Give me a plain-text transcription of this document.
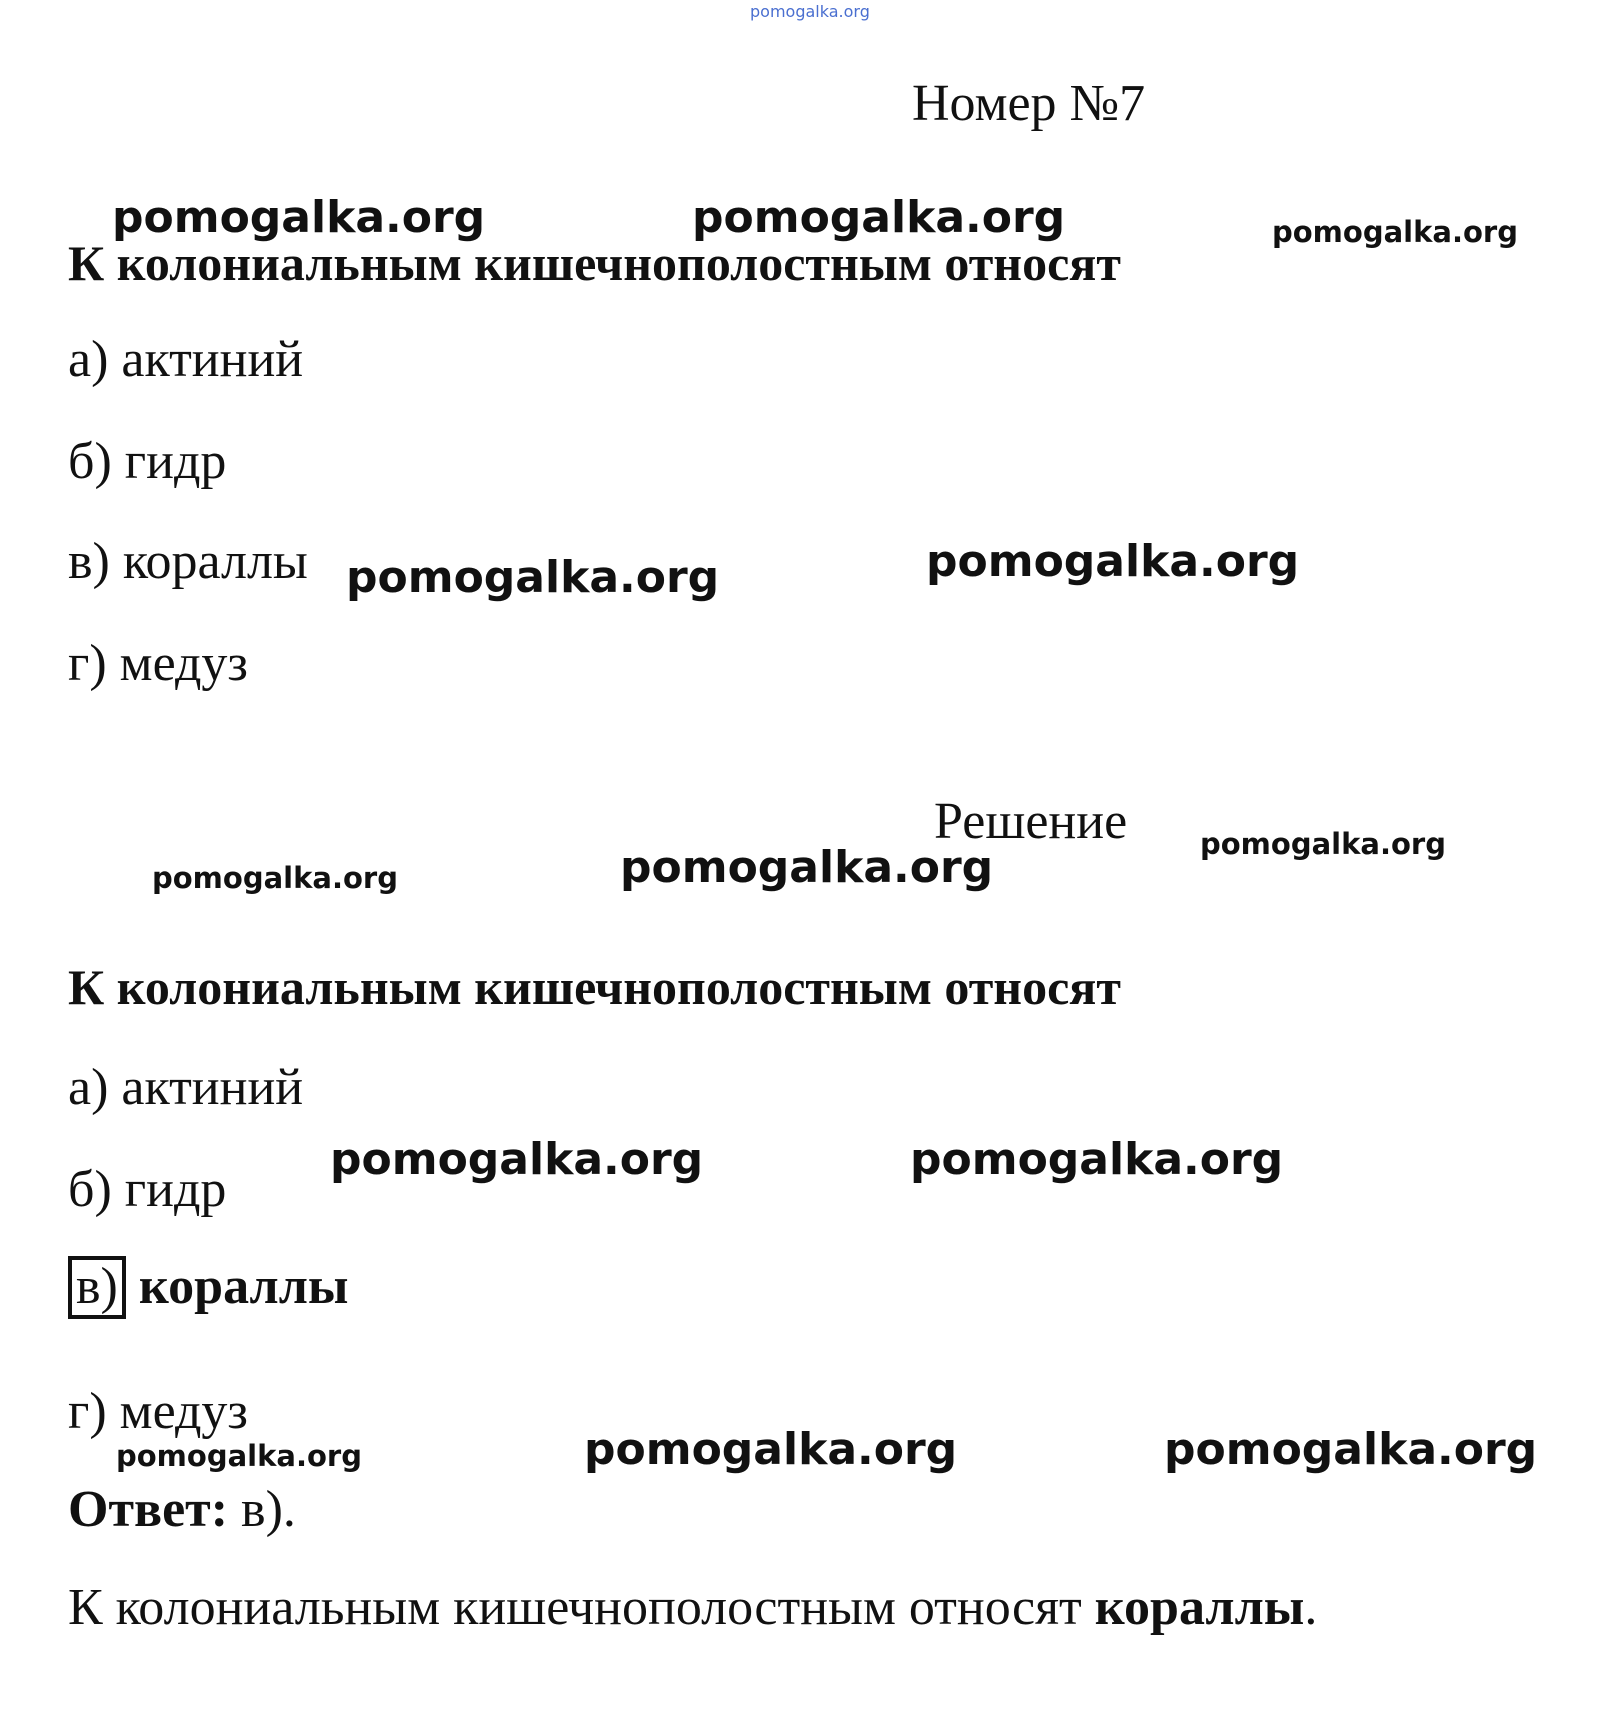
pomogalka.org
Номер №7
К колониальным кишечнополостным относят
а) актиний
б) гидр
в) кораллы
г) медуз
Решение
К колониальным кишечнополостным относят
а) актиний
б) гидр
в) кораллы
г) медуз
Ответ: в).
К колониальным кишечнополостным относят кораллы.
pomogalka.org	pomogalka.org	pomogalka.org
pomogalka.org	pomogalka.org
pomogalka.org	pomogalka.org	pomogalka.org
pomogalka.org	pomogalka.org
pomogalka.org	pomogalka.org	pomogalka.org
